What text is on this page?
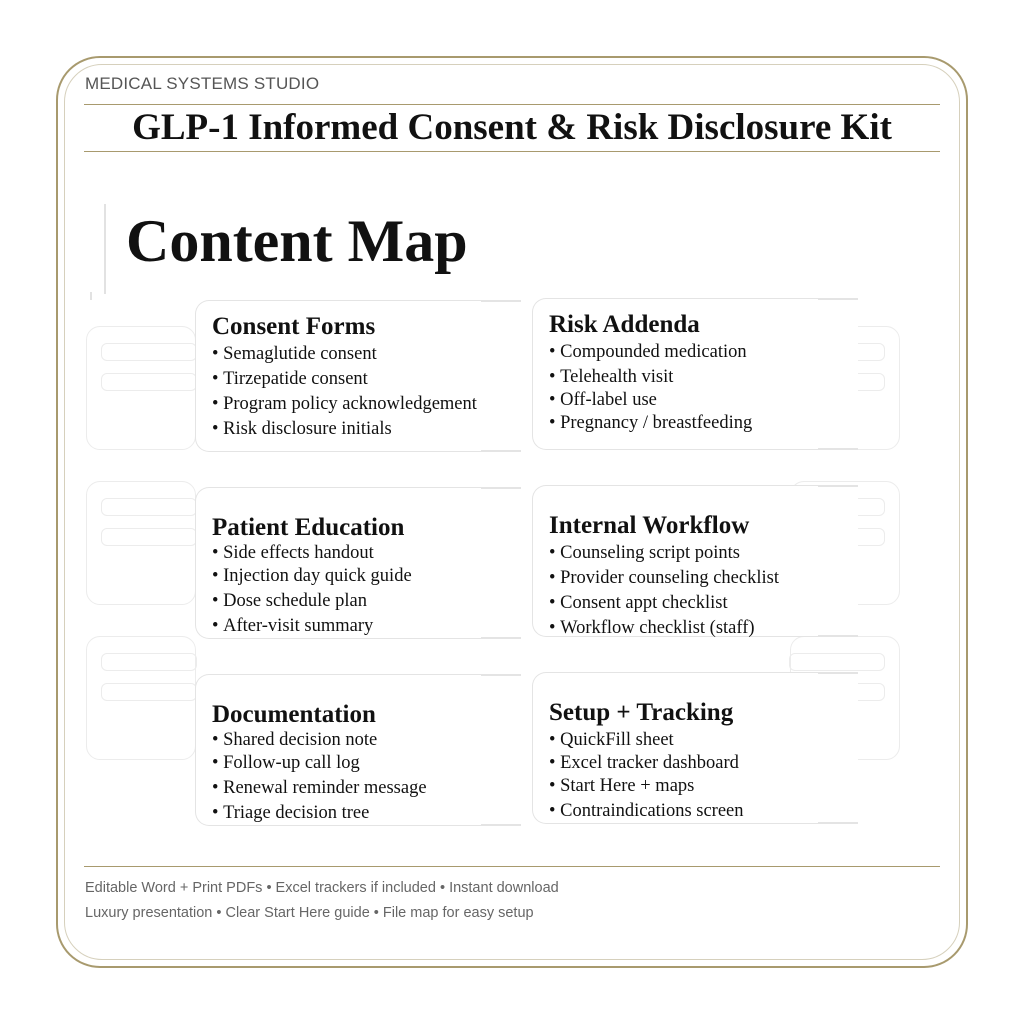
MEDICAL SYSTEMS STUDIO
GLP-1 Informed Consent & Risk Disclosure Kit
Content Map
Consent Forms
• Semaglutide consent
• Tirzepatide consent
• Program policy acknowledgement
• Risk disclosure initials
Risk Addenda
• Compounded medication
• Telehealth visit
• Off-label use
• Pregnancy / breastfeeding
Patient Education
• Side effects handout
• Injection day quick guide
• Dose schedule plan
• After-visit summary
Internal Workflow
• Counseling script points
• Provider counseling checklist
• Consent appt checklist
• Workflow checklist (staff)
Documentation
• Shared decision note
• Follow-up call log
• Renewal reminder message
• Triage decision tree
Setup + Tracking
• QuickFill sheet
• Excel tracker dashboard
• Start Here + maps
• Contraindications screen
Editable Word + Print PDFs • Excel trackers if included • Instant download
Luxury presentation • Clear Start Here guide • File map for easy setup
